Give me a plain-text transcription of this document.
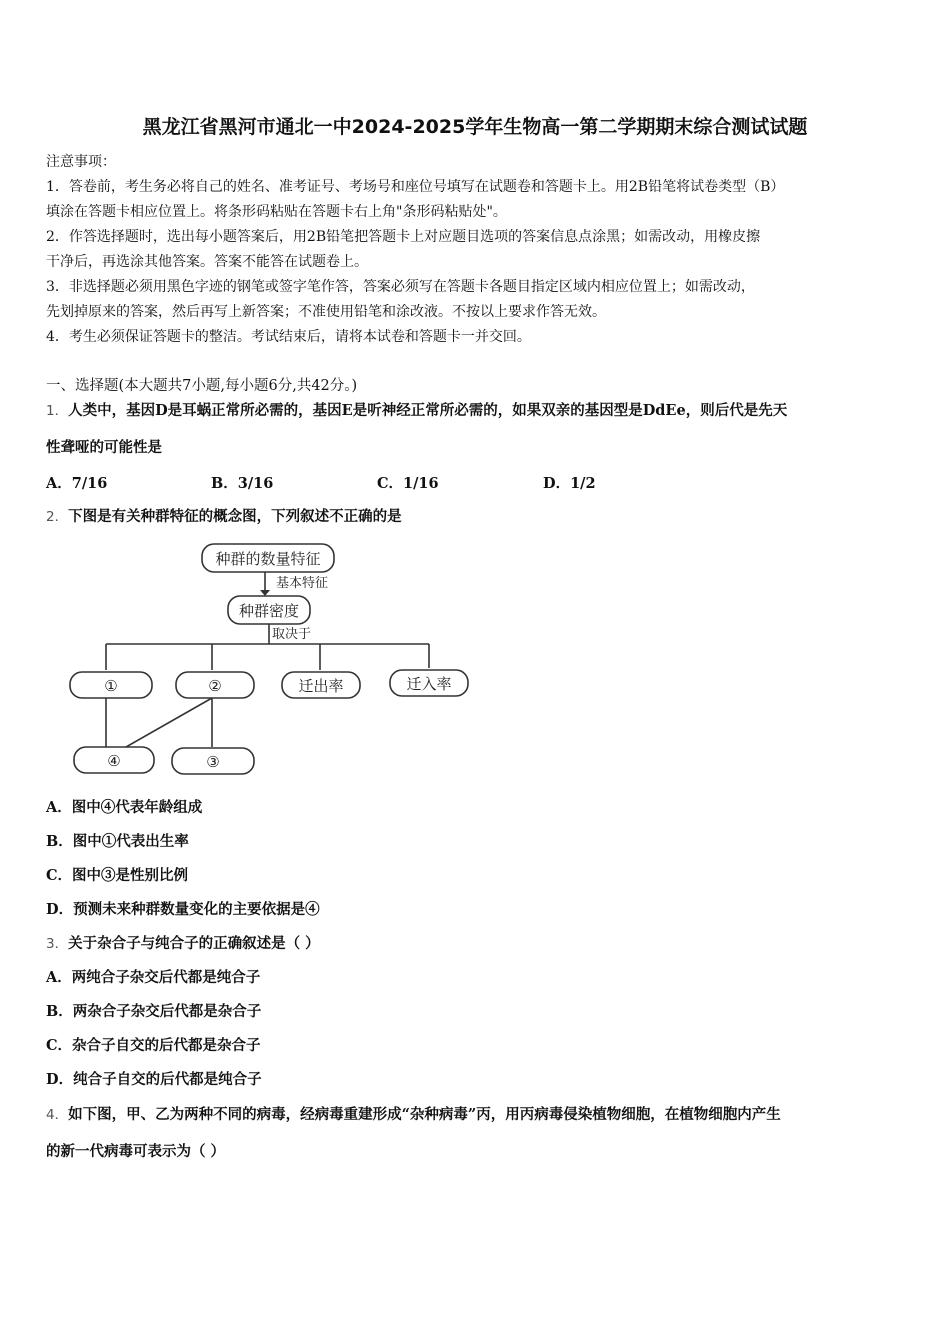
黑龙江省黑河市通北一中2024-2025学年生物高一第二学期期末综合测试试题
注意事项：
1．答卷前，考生务必将自己的姓名、准考证号、考场号和座位号填写在试题卷和答题卡上。用2B铅笔将试卷类型（B）
填涂在答题卡相应位置上。将条形码粘贴在答题卡右上角"条形码粘贴处"。
2．作答选择题时，选出每小题答案后，用2B铅笔把答题卡上对应题目选项的答案信息点涂黑；如需改动，用橡皮擦
干净后，再选涂其他答案。答案不能答在试题卷上。
3．非选择题必须用黑色字迹的钢笔或签字笔作答，答案必须写在答题卡各题目指定区域内相应位置上；如需改动，
先划掉原来的答案，然后再写上新答案；不准使用铅笔和涂改液。不按以上要求作答无效。
4．考生必须保证答题卡的整洁。考试结束后，请将本试卷和答题卡一并交回。
一、选择题(本大题共7小题,每小题6分,共42分。)
1．人类中，基因D是耳蜗正常所必需的，基因E是听神经正常所必需的，如果双亲的基因型是DdEe，则后代是先天
性聋哑的可能性是
A．7/16	B．3/16	C．1/16	D．1/2
2．下图是有关种群特征的概念图，下列叙述不正确的是
种群的数量特征
基本特征
种群密度
取决于
①	②	迁出率	迁入率
④	③
A．图中④代表年龄组成
B．图中①代表出生率
C．图中③是性别比例
D．预测未来种群数量变化的主要依据是④
3．关于杂合子与纯合子的正确叙述是（ ）
A．两纯合子杂交后代都是纯合子
B．两杂合子杂交后代都是杂合子
C．杂合子自交的后代都是杂合子
D．纯合子自交的后代都是纯合子
4．如下图，甲、乙为两种不同的病毒，经病毒重建形成“杂种病毒”丙，用丙病毒侵染植物细胞，在植物细胞内产生
的新一代病毒可表示为（ ）
